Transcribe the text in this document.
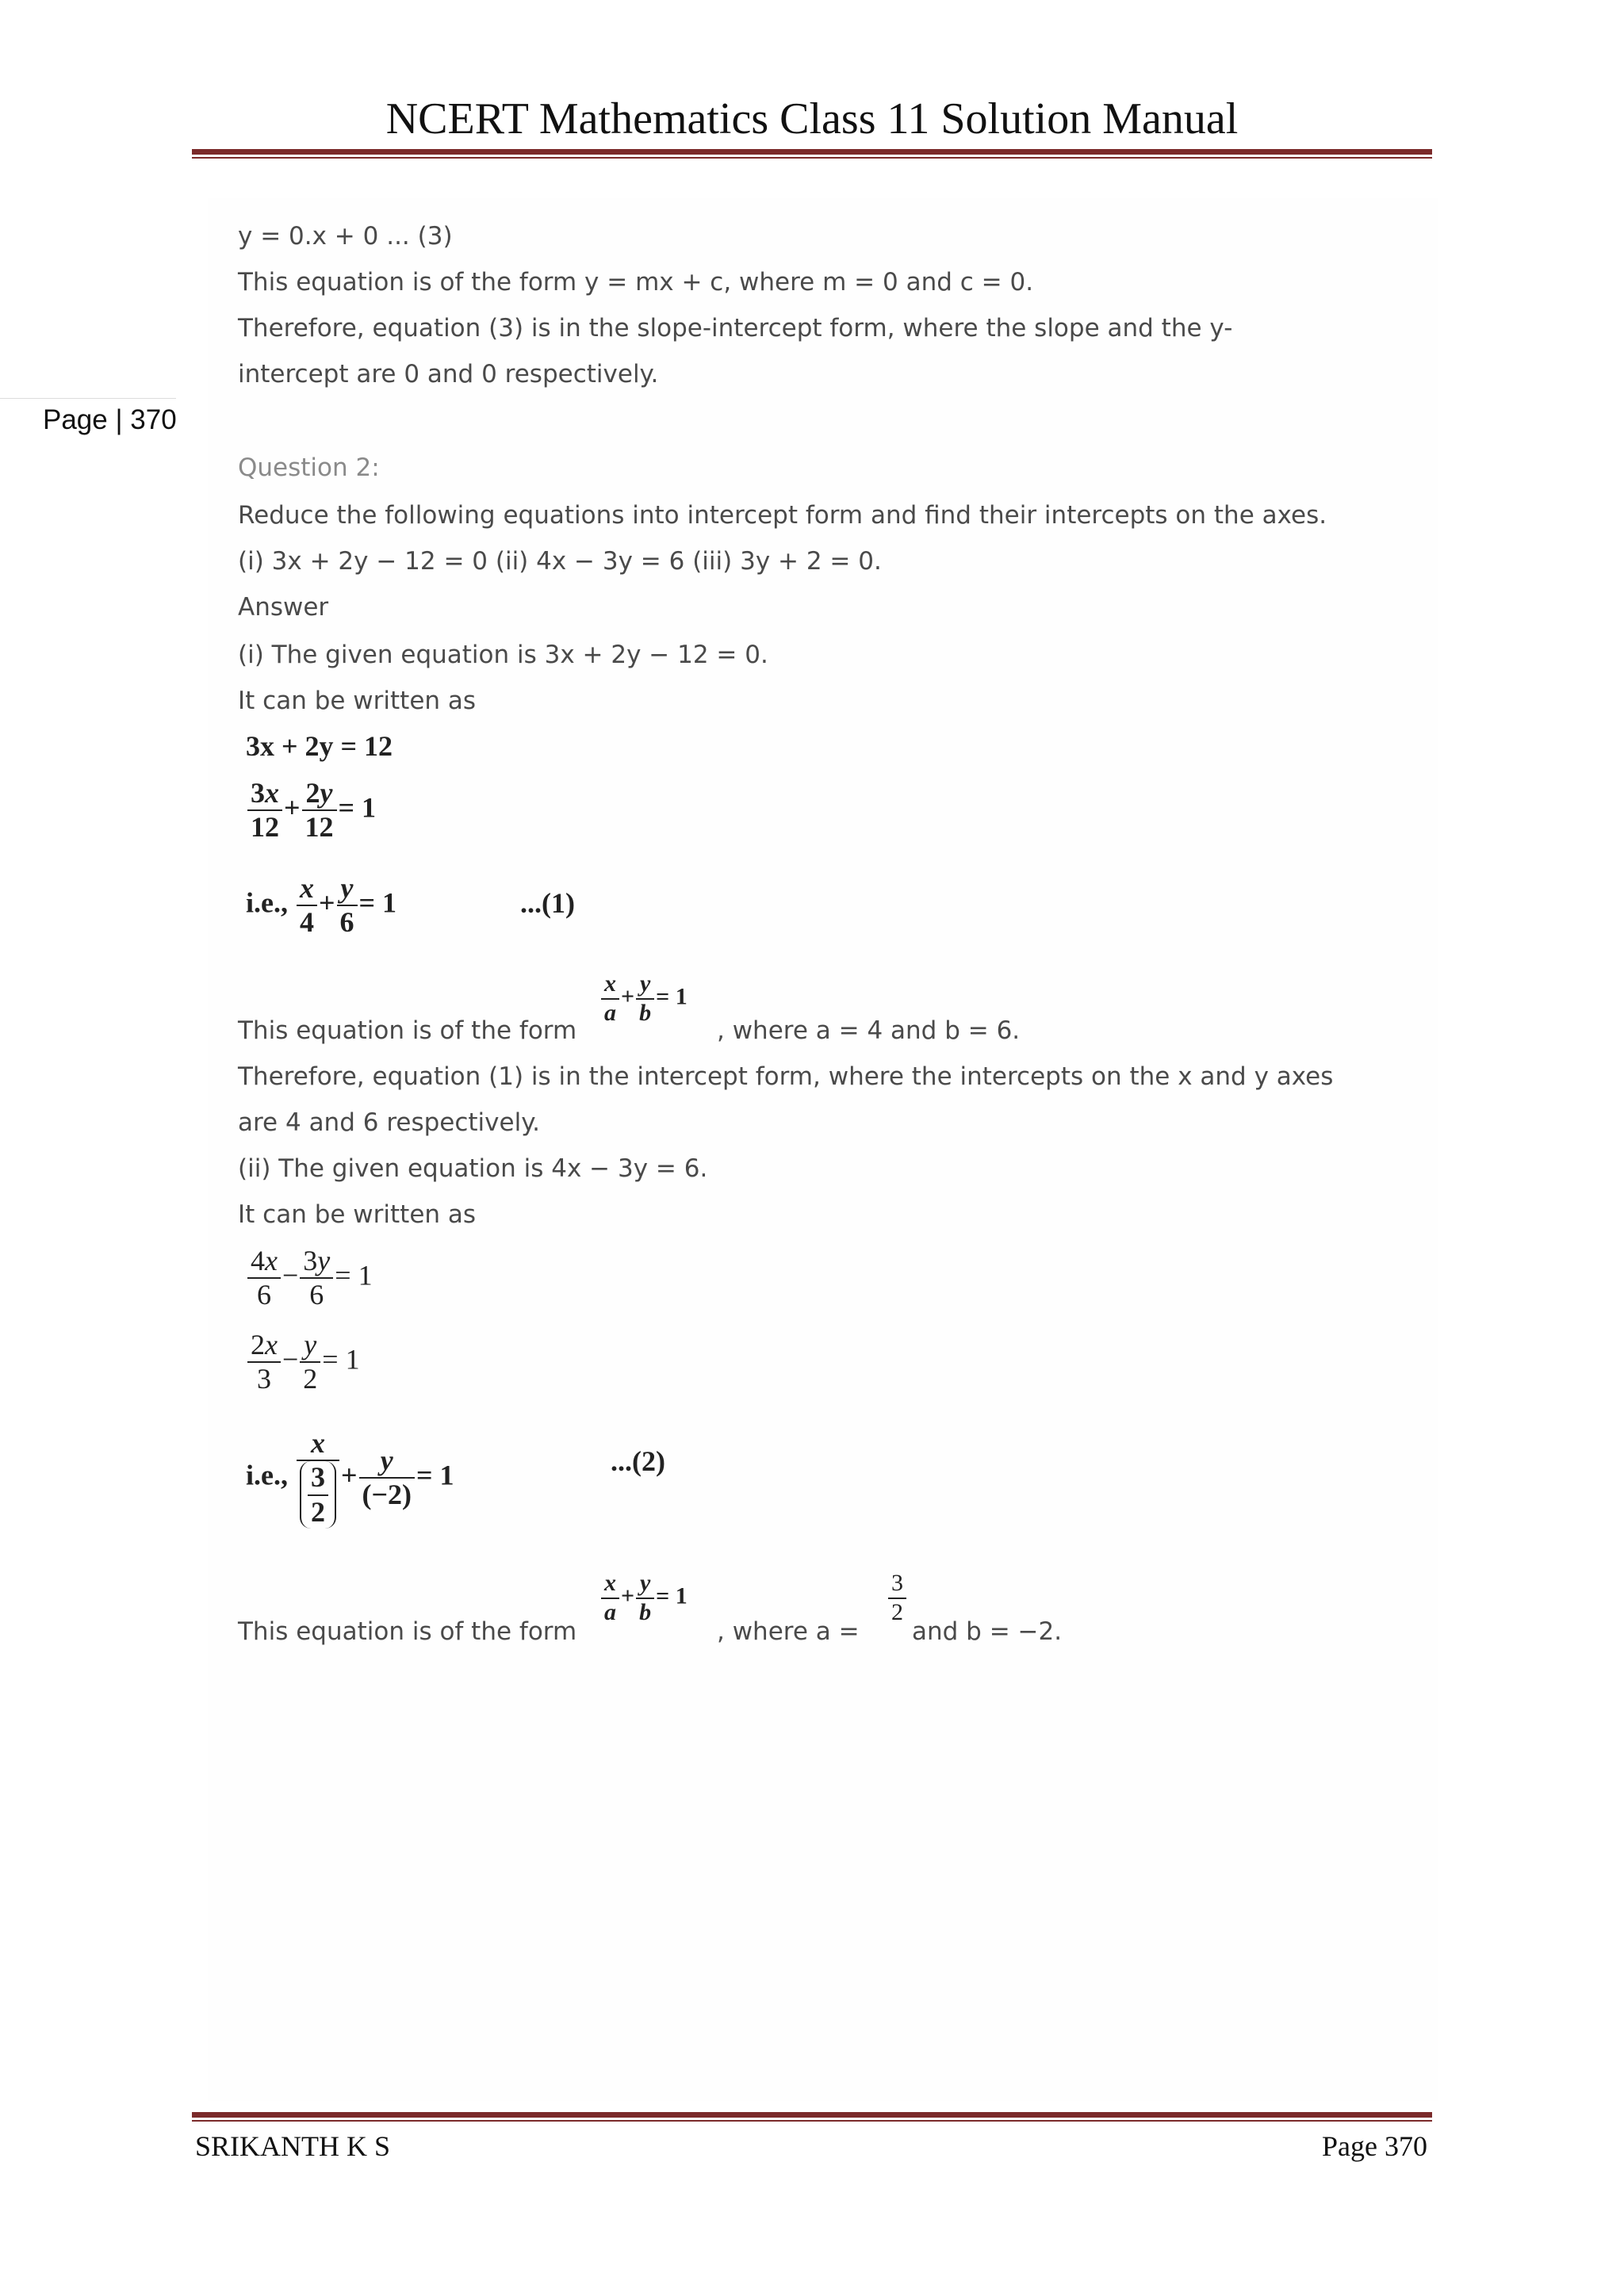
NCERT Mathematics Class 11 Solution Manual
Page | 370
y = 0.x + 0 ... (3)
This equation is of the form y = mx + c, where m = 0 and c = 0.
Therefore, equation (3) is in the slope-intercept form, where the slope and the y-
intercept are 0 and 0 respectively.
Question 2:
Reduce the following equations into intercept form and find their intercepts on the axes.
(i) 3x + 2y − 12 = 0 (ii) 4x − 3y = 6 (iii) 3y + 2 = 0.
Answer
(i) The given equation is 3x + 2y − 12 = 0.
It can be written as
3x + 2y = 12
$\frac{3x}{12} + \frac{2y}{12} = 1$
i.e., $\frac{x}{4} + \frac{y}{6} = 1$	...(1)
This equation is of the form
$\frac{x}{a} + \frac{y}{b} = 1$
, where a = 4 and b = 6.
Therefore, equation (1) is in the intercept form, where the intercepts on the x and y axes
are 4 and 6 respectively.
(ii) The given equation is 4x − 3y = 6.
It can be written as
$\frac{4x}{6} - \frac{3y}{6} = 1$
$\frac{2x}{3} - \frac{y}{2} = 1$
i.e., $\frac{x}{\frac{3}{2}} + \frac{y}{(-2)} = 1$	...(2)
This equation is of the form
$\frac{x}{a} + \frac{y}{b} = 1$
, where a =
$\frac{3}{2}$
and b = −2.
SRIKANTH K S	Page 370
